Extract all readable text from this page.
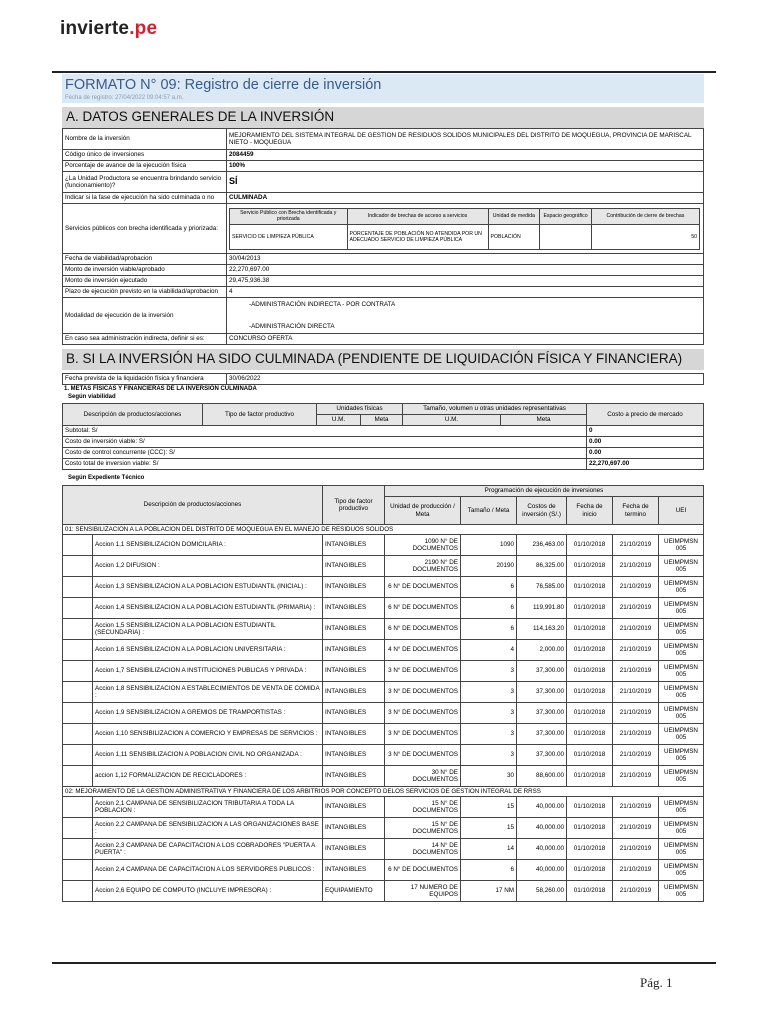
invierte.pe
FORMATO N° 09: Registro de cierre de inversión
Fecha de registro: 27/04/2022 09:04:57 a.m.
A. DATOS GENERALES DE LA INVERSIÓN
Nombre de la inversión	MEJORAMIENTO DEL SISTEMA INTEGRAL DE GESTION DE RESIDUOS SOLIDOS MUNICIPALES DEL DISTRITO DE MOQUEGUA, PROVINCIA DE MARISCAL NIETO - MOQUEGUA
Código único de inversiones	2084459
Porcentaje de avance de la ejecución física	100%
¿La Unidad Productora se encuentra brindando servicio (funcionamiento)?	SÍ
Indicar si la fase de ejecución ha sido culminada o no	CULMINADA
Servicios públicos con brecha identificada y priorizada:	
Servicio Público con Brecha identificada y priorizada	Indicador de brechas de acceso a servicios	Unidad de medida	Espacio geográfico	Contribución de cierre de brechas
SERVICIO DE LIMPIEZA PÚBLICA	PORCENTAJE DE POBLACIÓN NO ATENDIDA POR UN ADECUADO SERVICIO DE LIMPIEZA PÚBLICA	POBLACIÓN		50

Fecha de viabilidad/aprobacion	30/04/2013
Monto de inversión viable/aprobado	22,270,697.00
Monto de inversión ejecutado	29,475,936.38
Plazo de ejecución previsto en la viabilidad/aprobacion	4
Modalidad de ejecución de la inversión	
-ADMINISTRACIÓN INDIRECTA - POR CONTRATA
-ADMINISTRACIÓN DIRECTA

En caso sea administración indirecta, definir si es:	CONCURSO OFERTA
B. SI LA INVERSIÓN HA SIDO CULMINADA (PENDIENTE DE LIQUIDACIÓN FÍSICA Y FINANCIERA)
Fecha prevista de la liquidación física y financiera	30/06/2022
1. METAS FÍSICAS Y FINANCIERAS DE LA INVERSIÓN CULMINADA
Según viabilidad
Descripción de productos/acciones	Tipo de factor productivo	Unidades físicas		Tamaño, volumen u otras unidades representativas		Costo a precio de mercado
		U.M.	Meta	U.M.	Meta	
Subtotal: S/						0
Costo de inversión viable: S/						0.00
Costo de control concurrente (CCC): S/						0.00
Costo total de inversion viable: S/						22,270,697.00
Según Expediente Técnico
Descripción de productos/acciones		Tipo de factor productivo	Programación de ejecución de inversiones					
			Unidad de producción / Meta	Tamaño / Meta	Costos de inversión (S/.)	Fecha de inicio	Fecha de termino	UEI
01: SENSIBILIZACION A LA POBLACION DEL DISTRITO DE MOQUEGUA EN EL MANEJO DE RESIDUOS SOLIDOS								
	Accion 1,1 SENSIBILIZACION DOMICILARIA :	INTANGIBLES	1090 N° DE DOCUMENTOS	1090	236,463.00	01/10/2018	21/10/2019	UEIMPMSN 005
	Accion 1,2 DIFUSION :	INTANGIBLES	2190 N° DE DOCUMENTOS	20190	86,325.00	01/10/2018	21/10/2019	UEIMPMSN 005
	Accion 1,3 SENSIBILIZACION A LA POBLACION ESTUDIANTIL (INICIAL) :	INTANGIBLES	6 N° DE DOCUMENTOS	6	76,585.00	01/10/2018	21/10/2019	UEIMPMSN 005
	Accion 1,4 SENSIBILIZACION A LA POBLACION ESTUDIANTIL (PRIMARIA) :	INTANGIBLES	6 N° DE DOCUMENTOS	6	119,991.80	01/10/2018	21/10/2019	UEIMPMSN 005
	Accion 1,5 SENSIBILIZACION A LA POBLACION ESTUDIANTIL (SECUNDARIA) :	INTANGIBLES	6 N° DE DOCUMENTOS	6	114,163.20	01/10/2018	21/10/2019	UEIMPMSN 005
	Accion 1,6 SENSIBILIZACION A LA POBLACION UNIVERSITARIA :	INTANGIBLES	4 N° DE DOCUMENTOS	4	2,000.00	01/10/2018	21/10/2019	UEIMPMSN 005
	Accion 1,7 SENSIBILIZACION A INSTITUCIONES PUBLICAS Y PRIVADA :	INTANGIBLES	3 N° DE DOCUMENTOS	3	37,300.00	01/10/2018	21/10/2019	UEIMPMSN 005
	Accion 1,8 SENSIBILIZACION A ESTABLECIMIENTOS DE VENTA DE COMIDA :	INTANGIBLES	3 N° DE DOCUMENTOS	3	37,300.00	01/10/2018	21/10/2019	UEIMPMSN 005
	Accion 1,9 SENSIBILIZACION A GREMIOS DE TRAMPORTISTAS :	INTANGIBLES	3 N° DE DOCUMENTOS	3	37,300.00	01/10/2018	21/10/2019	UEIMPMSN 005
	Accion 1,10 SENSIBILIZACION A COMERCIO Y EMPRESAS DE SERVICIOS :	INTANGIBLES	3 N° DE DOCUMENTOS	3	37,300.00	01/10/2018	21/10/2019	UEIMPMSN 005
	Accion 1,11 SENSIBILIZACION A POBLACION CIVIL NO ORGANIZADA :	INTANGIBLES	3 N° DE DOCUMENTOS	3	37,300.00	01/10/2018	21/10/2019	UEIMPMSN 005
	accion 1,12 FORMALIZACION DE RECICLADORES :	INTANGIBLES	30 N° DE DOCUMENTOS	30	88,600.00	01/10/2018	21/10/2019	UEIMPMSN 005
02: MEJORAMIENTO DE LA GESTION ADMINISTRATIVA Y FINANCIERA DE LOS ARBITRIOS POR CONCEPTO DELOS SERVICIOS DE GESTION INTEGRAL DE RRSS								
	Accion 2,1 CAMPANA DE SENSIBILIZACION TRIBUTARIA A TODA LA POBLACION :	INTANGIBLES	15 N° DE DOCUMENTOS	15	40,000.00	01/10/2018	21/10/2019	UEIMPMSN 005
	Accion 2,2 CAMPANA DE SENSIBILIZACION A LAS ORGANIZACIONES BASE :	INTANGIBLES	15 N° DE DOCUMENTOS	15	40,000.00	01/10/2018	21/10/2019	UEIMPMSN 005
	Accion 2,3 CAMPANA DE CAPACITACION A LOS COBRADORES "PUERTA A PUERTA" :	INTANGIBLES	14 N° DE DOCUMENTOS	14	40,000.00	01/10/2018	21/10/2019	UEIMPMSN 005
	Accion 2,4 CAMPANA DE CAPACITACION A LOS SERVIDORES PUBLICOS :	INTANGIBLES	6 N° DE DOCUMENTOS	6	40,000.00	01/10/2018	21/10/2019	UEIMPMSN 005
	Accion 2,6 EQUIPO DE COMPUTO (INCLUYE IMPRESORA) :	EQUIPAMIENTO	17 NUMERO DE EQUIPOS	17 NM	58,260.00	01/10/2018	21/10/2019	UEIMPMSN 005
Pág. 1
